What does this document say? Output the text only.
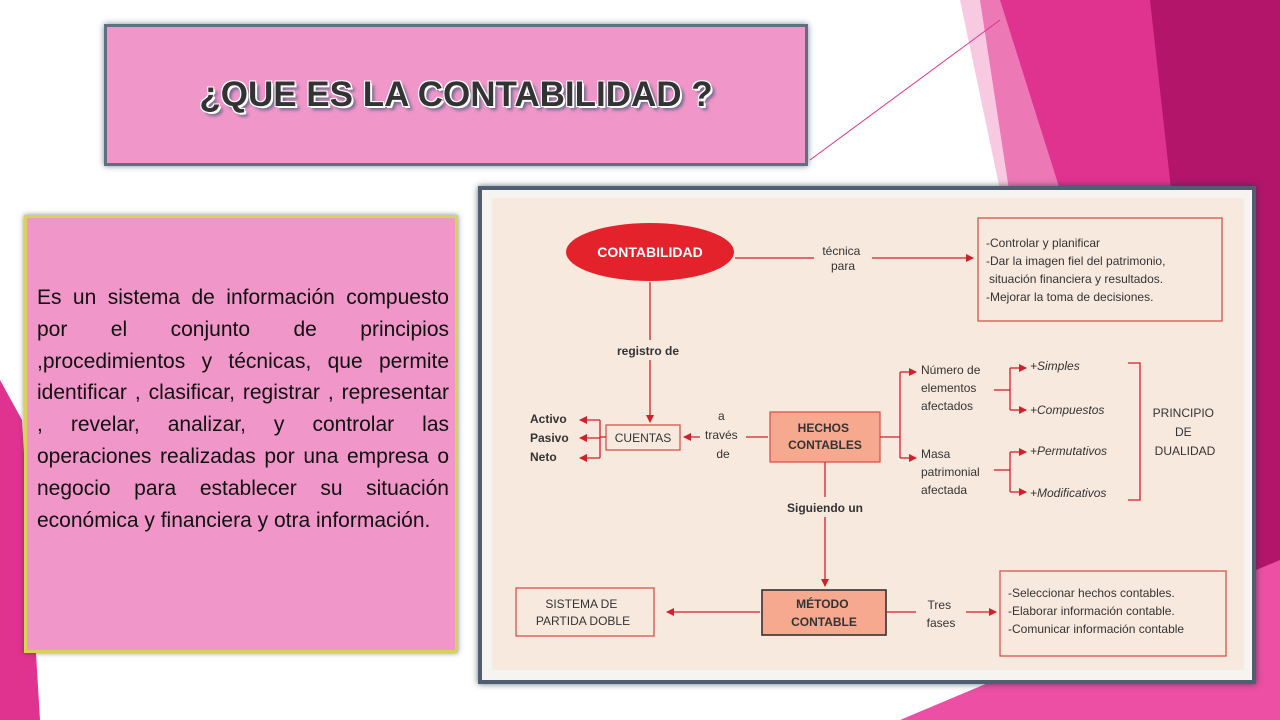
¿QUE ES LA CONTABILIDAD ?

Es un sistema de información compuesto por el conjunto de principios ,procedimientos y técnicas, que permite identificar , clasificar, registrar , representar , revelar, analizar, y controlar las operaciones realizadas por una empresa o negocio para establecer su situación económica y financiera y otra información.

CONTABILIDAD	técnica para
-Controlar y planificar -Dar la imagen fiel del patrimonio, situación financiera y resultados. -Mejorar la toma de decisiones.
registro de
CUENTAS
Activo Pasivo Neto
a través de
HECHOS CONTABLES
Número de elementos afectados
Masa patrimonial afectada
+Simples +Compuestos +Permutativos +Modificativos
PRINCIPIO DE DUALIDAD
Siguiendo un
MÉTODO CONTABLE
SISTEMA DE PARTIDA DOBLE
Tres fases
-Seleccionar hechos contables. -Elaborar información contable. -Comunicar información contable
